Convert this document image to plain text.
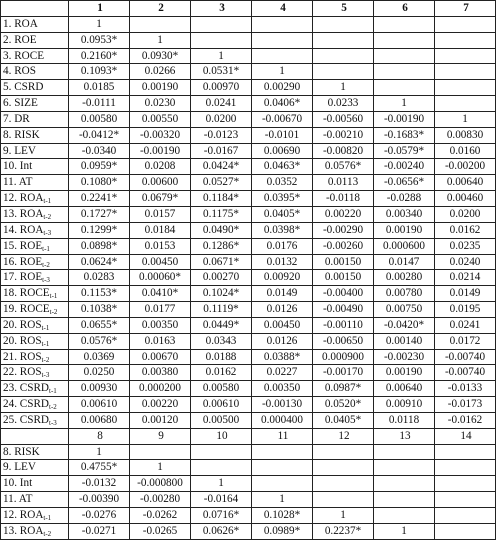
	1	2	3	4	5	6	7
1. ROA	1						
2. ROE	0.0953*	1					
3. ROCE	0.2160*	0.0930*	1				
4. ROS	0.1093*	0.0266	0.0531*	1			
5. CSRD	0.0185	0.00190	0.00970	0.00290	1		
6. SIZE	-0.0111	0.0230	0.0241	0.0406*	0.0233	1	
7. DR	0.00580	0.00550	0.0200	-0.00670	-0.00560	-0.00190	1
8. RISK	-0.0412*	-0.00320	-0.0123	-0.0101	-0.00210	-0.1683*	0.00830
9. LEV	-0.0340	-0.00190	-0.0167	0.00690	-0.00820	-0.0579*	0.0160
10. Int	0.0959*	0.0208	0.0424*	0.0463*	0.0576*	-0.00240	-0.00200
11. AT	0.1080*	0.00600	0.0527*	0.0352	0.0113	-0.0656*	0.00640
12. $ROA_{t-1}$	0.2241*	0.0679*	0.1184*	0.0395*	-0.0118	-0.0288	0.00460
13. $ROA_{t-2}$	0.1727*	0.0157	0.1175*	0.0405*	0.00220	0.00340	0.0200
14. $ROA_{t-3}$	0.1299*	0.0184	0.0490*	0.0398*	-0.00290	0.00190	0.0162
15. $ROE_{t-1}$	0.0898*	0.0153	0.1286*	0.0176	-0.00260	0.000600	0.0235
16. $ROE_{t-2}$	0.0624*	0.00450	0.0671*	0.0132	0.00150	0.0147	0.0240
17. $ROE_{t-3}$	0.0283	0.00060*	0.00270	0.00920	0.00150	0.00280	0.0214
18. $ROCE_{t-1}$	0.1153*	0.0410*	0.1024*	0.0149	-0.00400	0.00780	0.0149
19. $ROCE_{t-2}$	0.1038*	0.0177	0.1119*	0.0126	-0.00490	0.00750	0.0195
20. $ROS_{t-1}$	0.0655*	0.00350	0.0449*	0.00450	-0.00110	-0.0420*	0.0241
20. $ROS_{t-1}$	0.0576*	0.0163	0.0343	0.0126	-0.00650	0.00140	0.0172
21. $ROS_{t-2}$	0.0369	0.00670	0.0188	0.0388*	0.000900	-0.00230	-0.00740
22. $ROS_{t-3}$	0.0250	0.00380	0.0162	0.0227	-0.00170	0.00190	-0.00740
23. $CSRD_{t-1}$	0.00930	0.000200	0.00580	0.00350	0.0987*	0.00640	-0.0133
24. $CSRD_{t-2}$	0.00610	0.00220	0.00610	-0.00130	0.0520*	0.00910	-0.0173
25. $CSRD_{t-3}$	0.00680	0.00120	0.00500	0.000400	0.0405*	0.0118	-0.0162
	8	9	10	11	12	13	14
8. RISK	1						
9. LEV	0.4755*	1					
10. Int	-0.0132	-0.000800	1				
11. AT	-0.00390	-0.00280	-0.0164	1			
12. $ROA_{t-1}$	-0.0276	-0.0262	0.0716*	0.1028*	1		
13. $ROA_{t-2}$	-0.0271	-0.0265	0.0626*	0.0989*	0.2237*	1	
